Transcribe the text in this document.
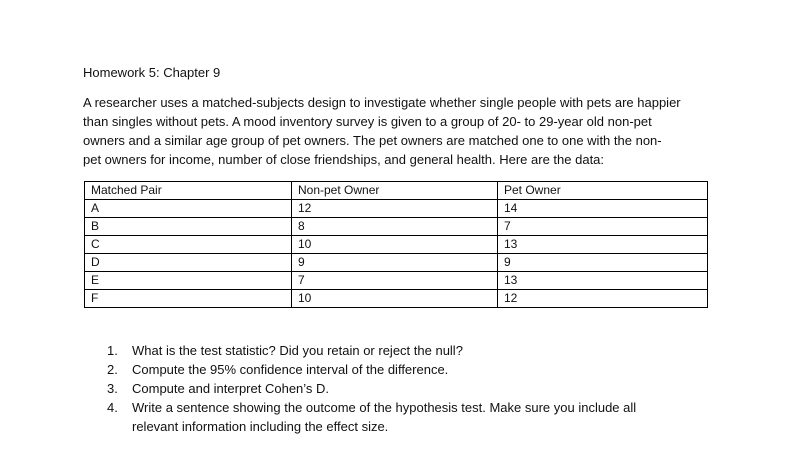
Homework 5: Chapter 9

A researcher uses a matched-subjects design to investigate whether single people with pets are happier
than singles without pets. A mood inventory survey is given to a group of 20- to 29-year old non-pet
owners and a similar age group of pet owners. The pet owners are matched one to one with the non-
pet owners for income, number of close friendships, and general health. Here are the data:

Matched Pair	Non-pet Owner	Pet Owner
A	12	14
B	8	7
C	10	13
D	9	9
E	7	13
F	10	12
1. What is the test statistic? Did you retain or reject the null?
2. Compute the 95% confidence interval of the difference.
3. Compute and interpret Cohen’s D.
4. Write a sentence showing the outcome of the hypothesis test. Make sure you include all
relevant information including the effect size.
